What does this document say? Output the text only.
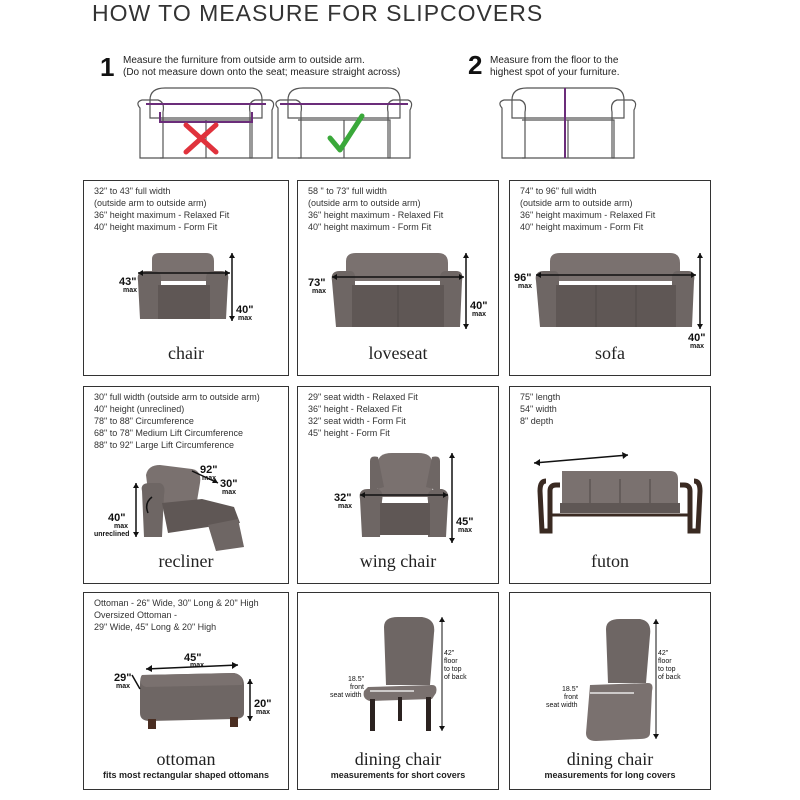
HOW TO MEASURE FOR SLIPCOVERS
1 Measure the furniture from outside arm to outside arm.
(Do not measure down onto the seat; measure straight across)	2 Measure from the floor to the
highest spot of your furniture.
32" to 43" full width
(outside arm to outside arm)
36" height maximum - Relaxed Fit
40" height maximum - Form Fit
43"
max
40"
max
chair
58 " to 73" full width
(outside arm to outside arm)
36" height maximum - Relaxed Fit
40" height maximum - Form Fit
73"
max
40"
max
loveseat
74" to 96" full width
(outside arm to outside arm)
36" height maximum - Relaxed Fit
40" height maximum - Form Fit
96"
max
40"
max
sofa
30" full width (outside arm to outside arm)
40" height (unreclined)
78" to 88" Circumference
68" to 78" Medium Lift Circumference
88" to 92" Large Lift Circumference
92"
max 30"
max
40"
max
unreclined
recliner
29" seat width - Relaxed Fit
36" height - Relaxed Fit
32" seat width - Form Fit
45" height - Form Fit
32"
max
45"
max
wing chair
75" length
54" width
8" depth
futon
Ottoman - 26" Wide, 30" Long & 20" High
Oversized Ottoman -
29" Wide, 45" Long & 20" High
45"
max
29"
max
20"
max
ottoman
fits most rectangular shaped ottomans
18.5"
front
seat width
42"
floor
to top
of back
dining chair
measurements for short covers
18.5"
front
seat width
42"
floor
to top
of back
dining chair
measurements for long covers
